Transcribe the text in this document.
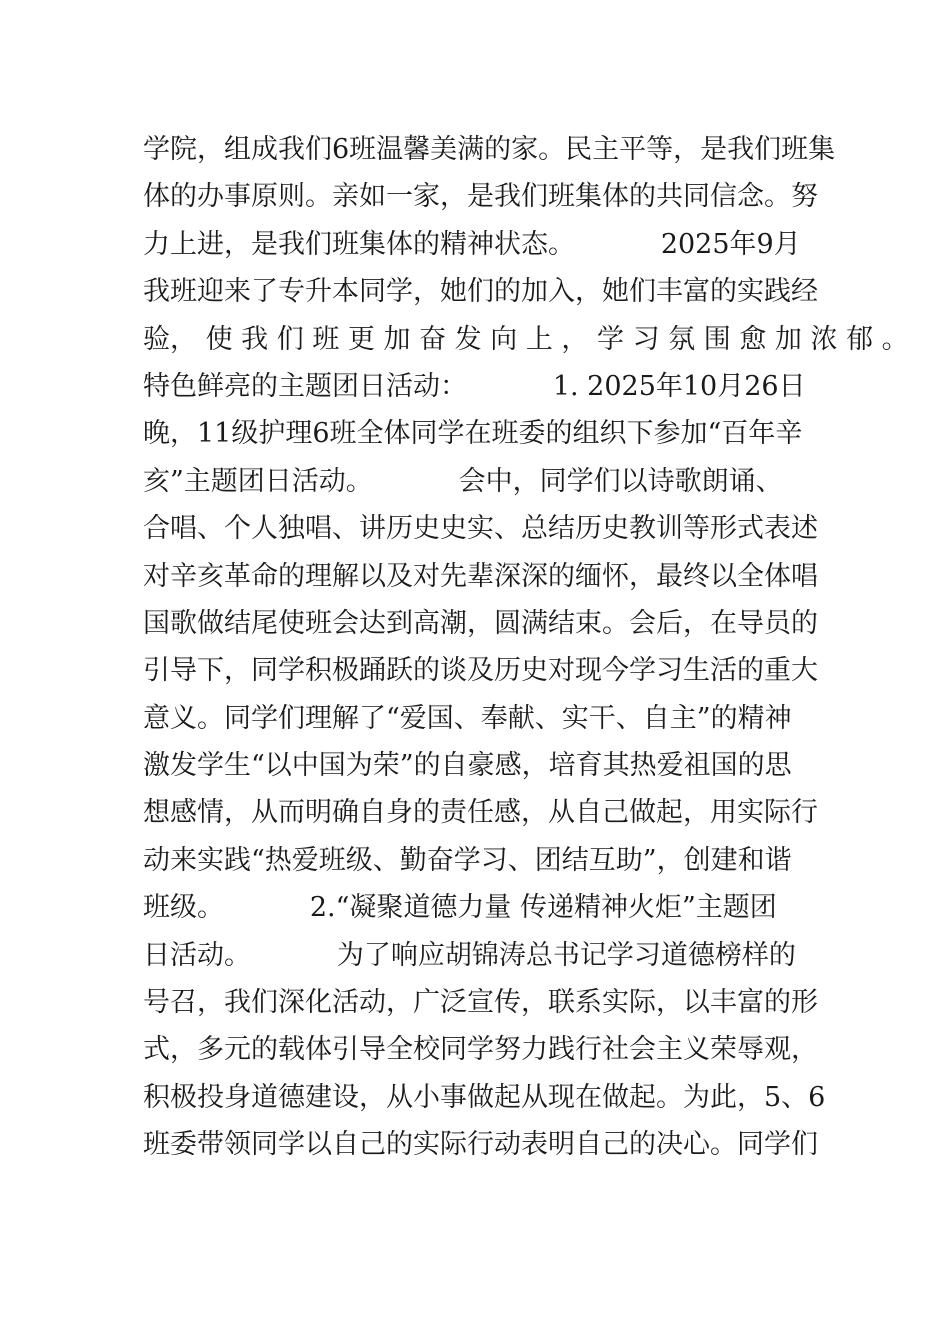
学院，组成我们6班温馨美满的家。民主平等，是我们班集
体的办事原则。亲如一家，是我们班集体的共同信念。努
力上进，是我们班集体的精神状态。          2025年9月
我班迎来了专升本同学，她们的加入，她们丰富的实践经
验， 使 我 们 班 更 加 奋 发 向 上 ， 学 习 氛 围 愈 加 浓 郁 。
特色鲜亮的主题团日活动：          1. 2025年10月26日
晚，11级护理6班全体同学在班委的组织下参加“百年辛
亥”主题团日活动。          会中，同学们以诗歌朗诵、
合唱、个人独唱、讲历史史实、总结历史教训等形式表述
对辛亥革命的理解以及对先辈深深的缅怀，最终以全体唱
国歌做结尾使班会达到高潮，圆满结束。会后，在导员的
引导下，同学积极踊跃的谈及历史对现今学习生活的重大
意义。同学们理解了“爱国、奉献、实干、自主”的精神
激发学生“以中国为荣”的自豪感，培育其热爱祖国的思
想感情，从而明确自身的责任感，从自己做起，用实际行
动来实践“热爱班级、勤奋学习、团结互助”，创建和谐
班级。          2.“凝聚道德力量 传递精神火炬”主题团
日活动。          为了响应胡锦涛总书记学习道德榜样的
号召，我们深化活动，广泛宣传，联系实际，以丰富的形
式，多元的载体引导全校同学努力践行社会主义荣辱观，
积极投身道德建设，从小事做起从现在做起。为此，5、6
班委带领同学以自己的实际行动表明自己的决心。同学们
